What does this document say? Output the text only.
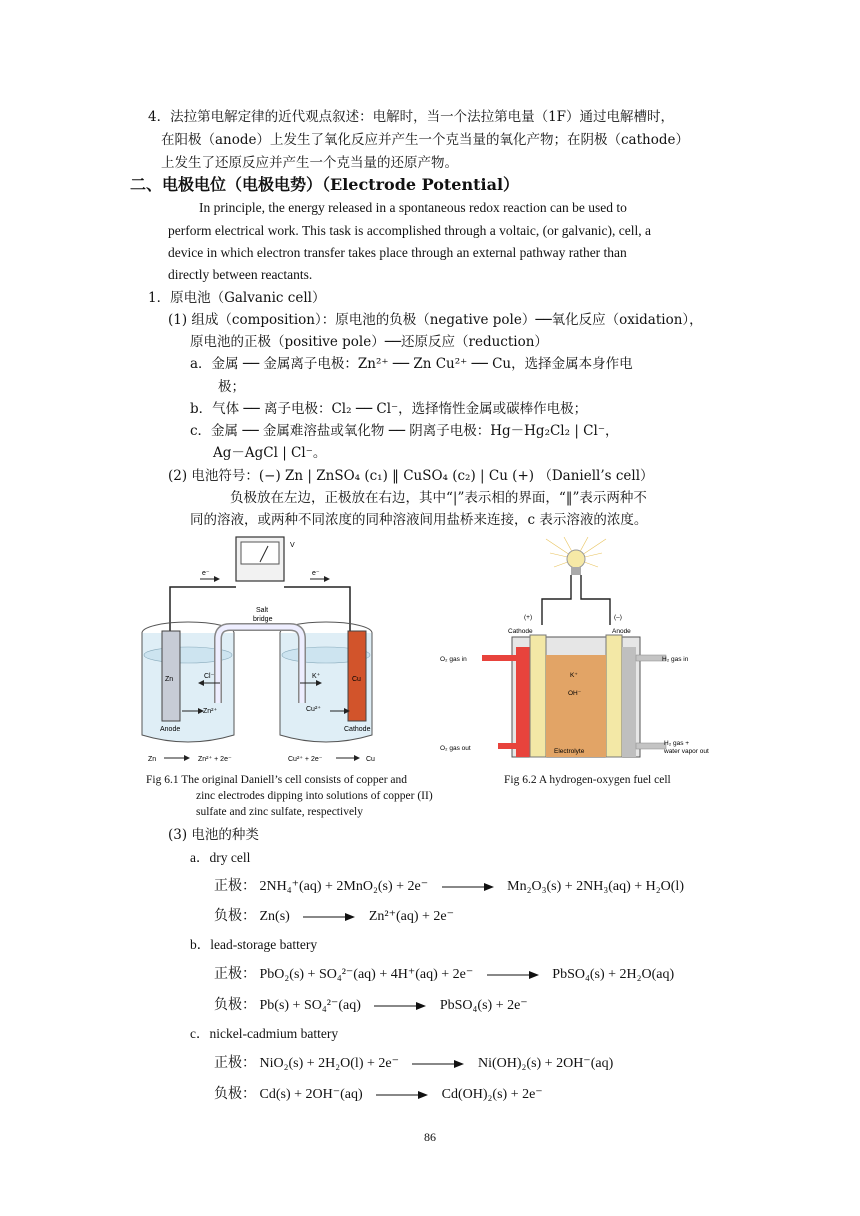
4．法拉第电解定律的近代观点叙述：电解时，当一个法拉第电量（1F）通过电解槽时，
在阳极（anode）上发生了氧化反应并产生一个克当量的氧化产物；在阴极（cathode）
上发生了还原反应并产生一个克当量的还原产物。
二、电极电位（电极电势）（Electrode Potential）
In principle, the energy released in a spontaneous redox reaction can be used to
perform electrical work. This task is accomplished through a voltaic, (or galvanic), cell, a
device in which electron transfer takes place through an external pathway rather than
directly between reactants.
1．原电池（Galvanic cell）
(1) 组成（composition）：原电池的负极（negative pole）──氧化反应（oxidation），
原电池的正极（positive pole）──还原反应（reduction）
a．金属 ── 金属离子电极：Zn²⁺ ── Zn Cu²⁺ ── Cu，选择金属本身作电
极；
b．气体 ── 离子电极：Cl₂ ── Cl⁻，选择惰性金属或碳棒作电极；
c．金属 ── 金属难溶盐或氧化物 ── 阴离子电极：Hg－Hg₂Cl₂ | Cl⁻，
Ag－AgCl | Cl⁻。
(2) 电池符号：(−) Zn | ZnSO₄ (c₁) ‖ CuSO₄ (c₂) | Cu (+) （Daniell’s cell）
负极放在左边，正极放在右边，其中“|”表示相的界面，“‖”表示两种不
同的溶液，或两种不同浓度的同种溶液间用盐桥来连接，c 表示溶液的浓度。
V
e⁻	e⁻
Salt
bridge
Zn	Cu
Cl⁻	K⁺
Zn²⁺	Cu²⁺
Anode	Cathode
Zn	Zn²⁺ + 2e⁻	Cu²⁺ + 2e⁻	Cu
(+)	(–)
Cathode	Anode
O₂ gas in	H₂ gas in
K⁺
OH⁻
O₂ gas out	Electrolyte
H₂ gas +
water vapor out
Fig 6.1 The original Daniell’s cell consists of copper and
zinc electrodes dipping into solutions of copper (II)
sulfate and zinc sulfate, respectively
Fig 6.2 A hydrogen-oxygen fuel cell
(3) 电池的种类
a．dry cell
正极： 2NH₄⁺(aq) + 2MnO₂(s) + 2e⁻ → Mn₂O₃(s) + 2NH₃(aq) + H₂O(l)
负极： Zn(s) → Zn²⁺(aq) + 2e⁻
b．lead-storage battery
正极： PbO₂(s) + SO₄²⁻(aq) + 4H⁺(aq) + 2e⁻ → PbSO₄(s) + 2H₂O(aq)
负极： Pb(s) + SO₄²⁻(aq) → PbSO₄(s) + 2e⁻
c．nickel-cadmium battery
正极： NiO₂(s) + 2H₂O(l) + 2e⁻ → Ni(OH)₂(s) + 2OH⁻(aq)
负极： Cd(s) + 2OH⁻(aq) → Cd(OH)₂(s) + 2e⁻
86
